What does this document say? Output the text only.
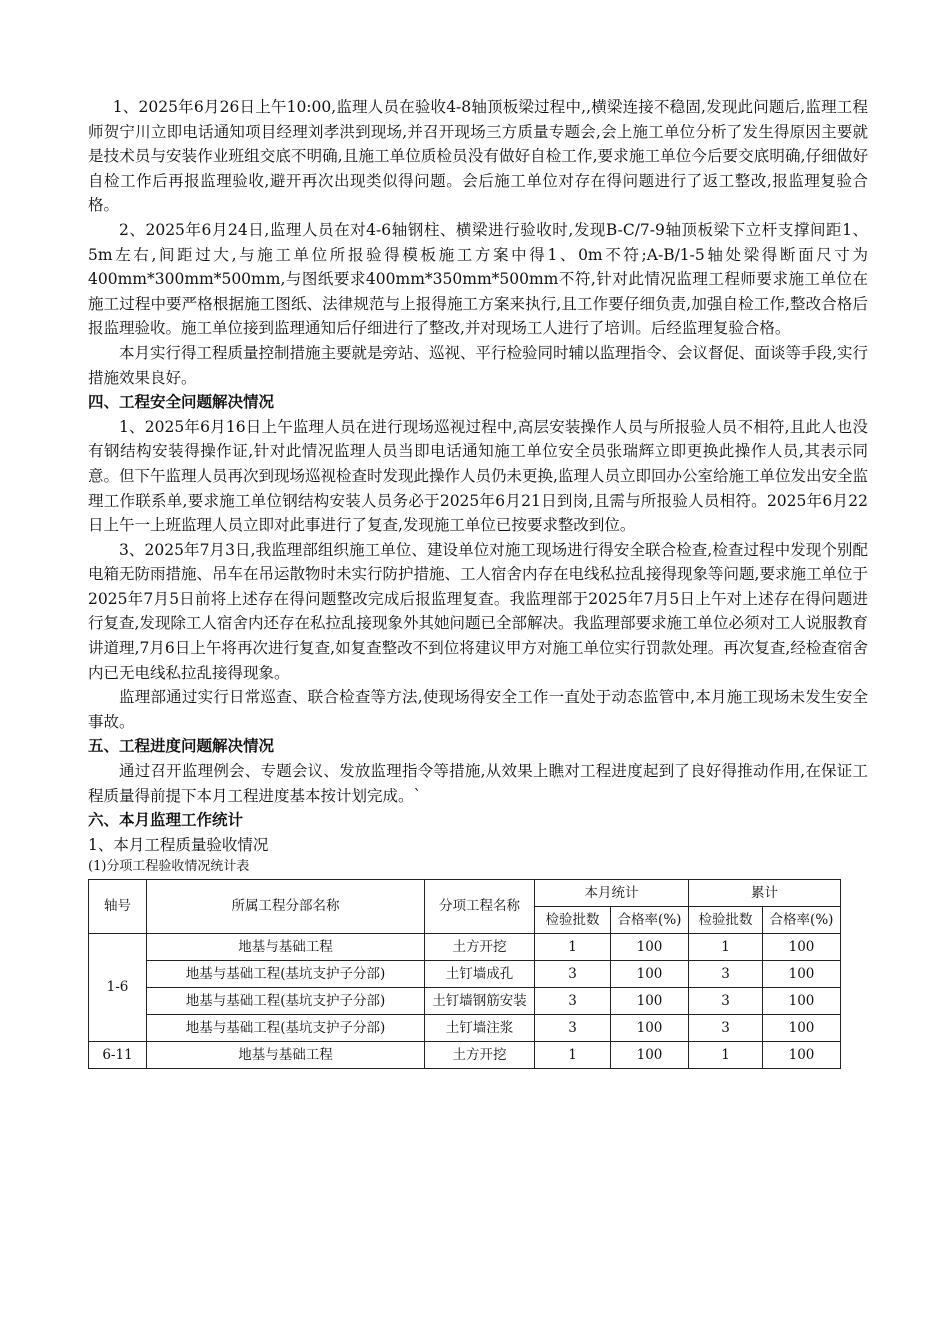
1、2025年6月26日上午10:00,监理人员在验收4-8轴顶板梁过程中,,横梁连接不稳固,发现此问题后,监理工程师贺宁川立即电话通知项目经理刘孝洪到现场,并召开现场三方质量专题会,会上施工单位分析了发生得原因主要就是技术员与安装作业班组交底不明确,且施工单位质检员没有做好自检工作,要求施工单位今后要交底明确,仔细做好自检工作后再报监理验收,避开再次出现类似得问题。会后施工单位对存在得问题进行了返工整改,报监理复验合格。

2、2025年6月24日,监理人员在对4-6轴钢柱、横梁进行验收时,发现B-C/7-9轴顶板梁下立杆支撑间距1、5m左右,间距过大,与施工单位所报验得模板施工方案中得1、0m不符;A-B/1-5轴处梁得断面尺寸为400mm*300mm*500mm,与图纸要求400mm*350mm*500mm不符,针对此情况监理工程师要求施工单位在施工过程中要严格根据施工图纸、法律规范与上报得施工方案来执行,且工作要仔细负责,加强自检工作,整改合格后报监理验收。施工单位接到监理通知后仔细进行了整改,并对现场工人进行了培训。后经监理复验合格。

本月实行得工程质量控制措施主要就是旁站、巡视、平行检验同时辅以监理指令、会议督促、面谈等手段,实行措施效果良好。

四、工程安全问题解决情况

1、2025年6月16日上午监理人员在进行现场巡视过程中,高层安装操作人员与所报验人员不相符,且此人也没有钢结构安装得操作证,针对此情况监理人员当即电话通知施工单位安全员张瑞辉立即更换此操作人员,其表示同意。但下午监理人员再次到现场巡视检查时发现此操作人员仍未更换,监理人员立即回办公室给施工单位发出安全监理工作联系单,要求施工单位钢结构安装人员务必于2025年6月21日到岗,且需与所报验人员相符。2025年6月22日上午一上班监理人员立即对此事进行了复查,发现施工单位已按要求整改到位。

3、2025年7月3日,我监理部组织施工单位、建设单位对施工现场进行得安全联合检查,检查过程中发现个别配电箱无防雨措施、吊车在吊运散物时未实行防护措施、工人宿舍内存在电线私拉乱接得现象等问题,要求施工单位于2025年7月5日前将上述存在得问题整改完成后报监理复查。我监理部于2025年7月5日上午对上述存在得问题进行复查,发现除工人宿舍内还存在私拉乱接现象外其她问题已全部解决。我监理部要求施工单位必须对工人说服教育讲道理,7月6日上午将再次进行复查,如复查整改不到位将建议甲方对施工单位实行罚款处理。再次复查,经检查宿舍内已无电线私拉乱接得现象。

监理部通过实行日常巡查、联合检查等方法,使现场得安全工作一直处于动态监管中,本月施工现场未发生安全事故。

五、工程进度问题解决情况

通过召开监理例会、专题会议、发放监理指令等措施,从效果上瞧对工程进度起到了良好得推动作用,在保证工程质量得前提下本月工程进度基本按计划完成。`

六、本月监理工作统计

1、本月工程质量验收情况

(1)分项工程验收情况统计表

轴号	所属工程分部名称	分项工程名称	本月统计		累计	
			检验批数	合格率(%)	检验批数	合格率(%)
1-6	地基与基础工程	土方开挖	1	100	1	100
	地基与基础工程(基坑支护子分部)	土钉墙成孔	3	100	3	100
	地基与基础工程(基坑支护子分部)	土钉墙钢筋安装	3	100	3	100
	地基与基础工程(基坑支护子分部)	土钉墙注浆	3	100	3	100
6-11	地基与基础工程	土方开挖	1	100	1	100
